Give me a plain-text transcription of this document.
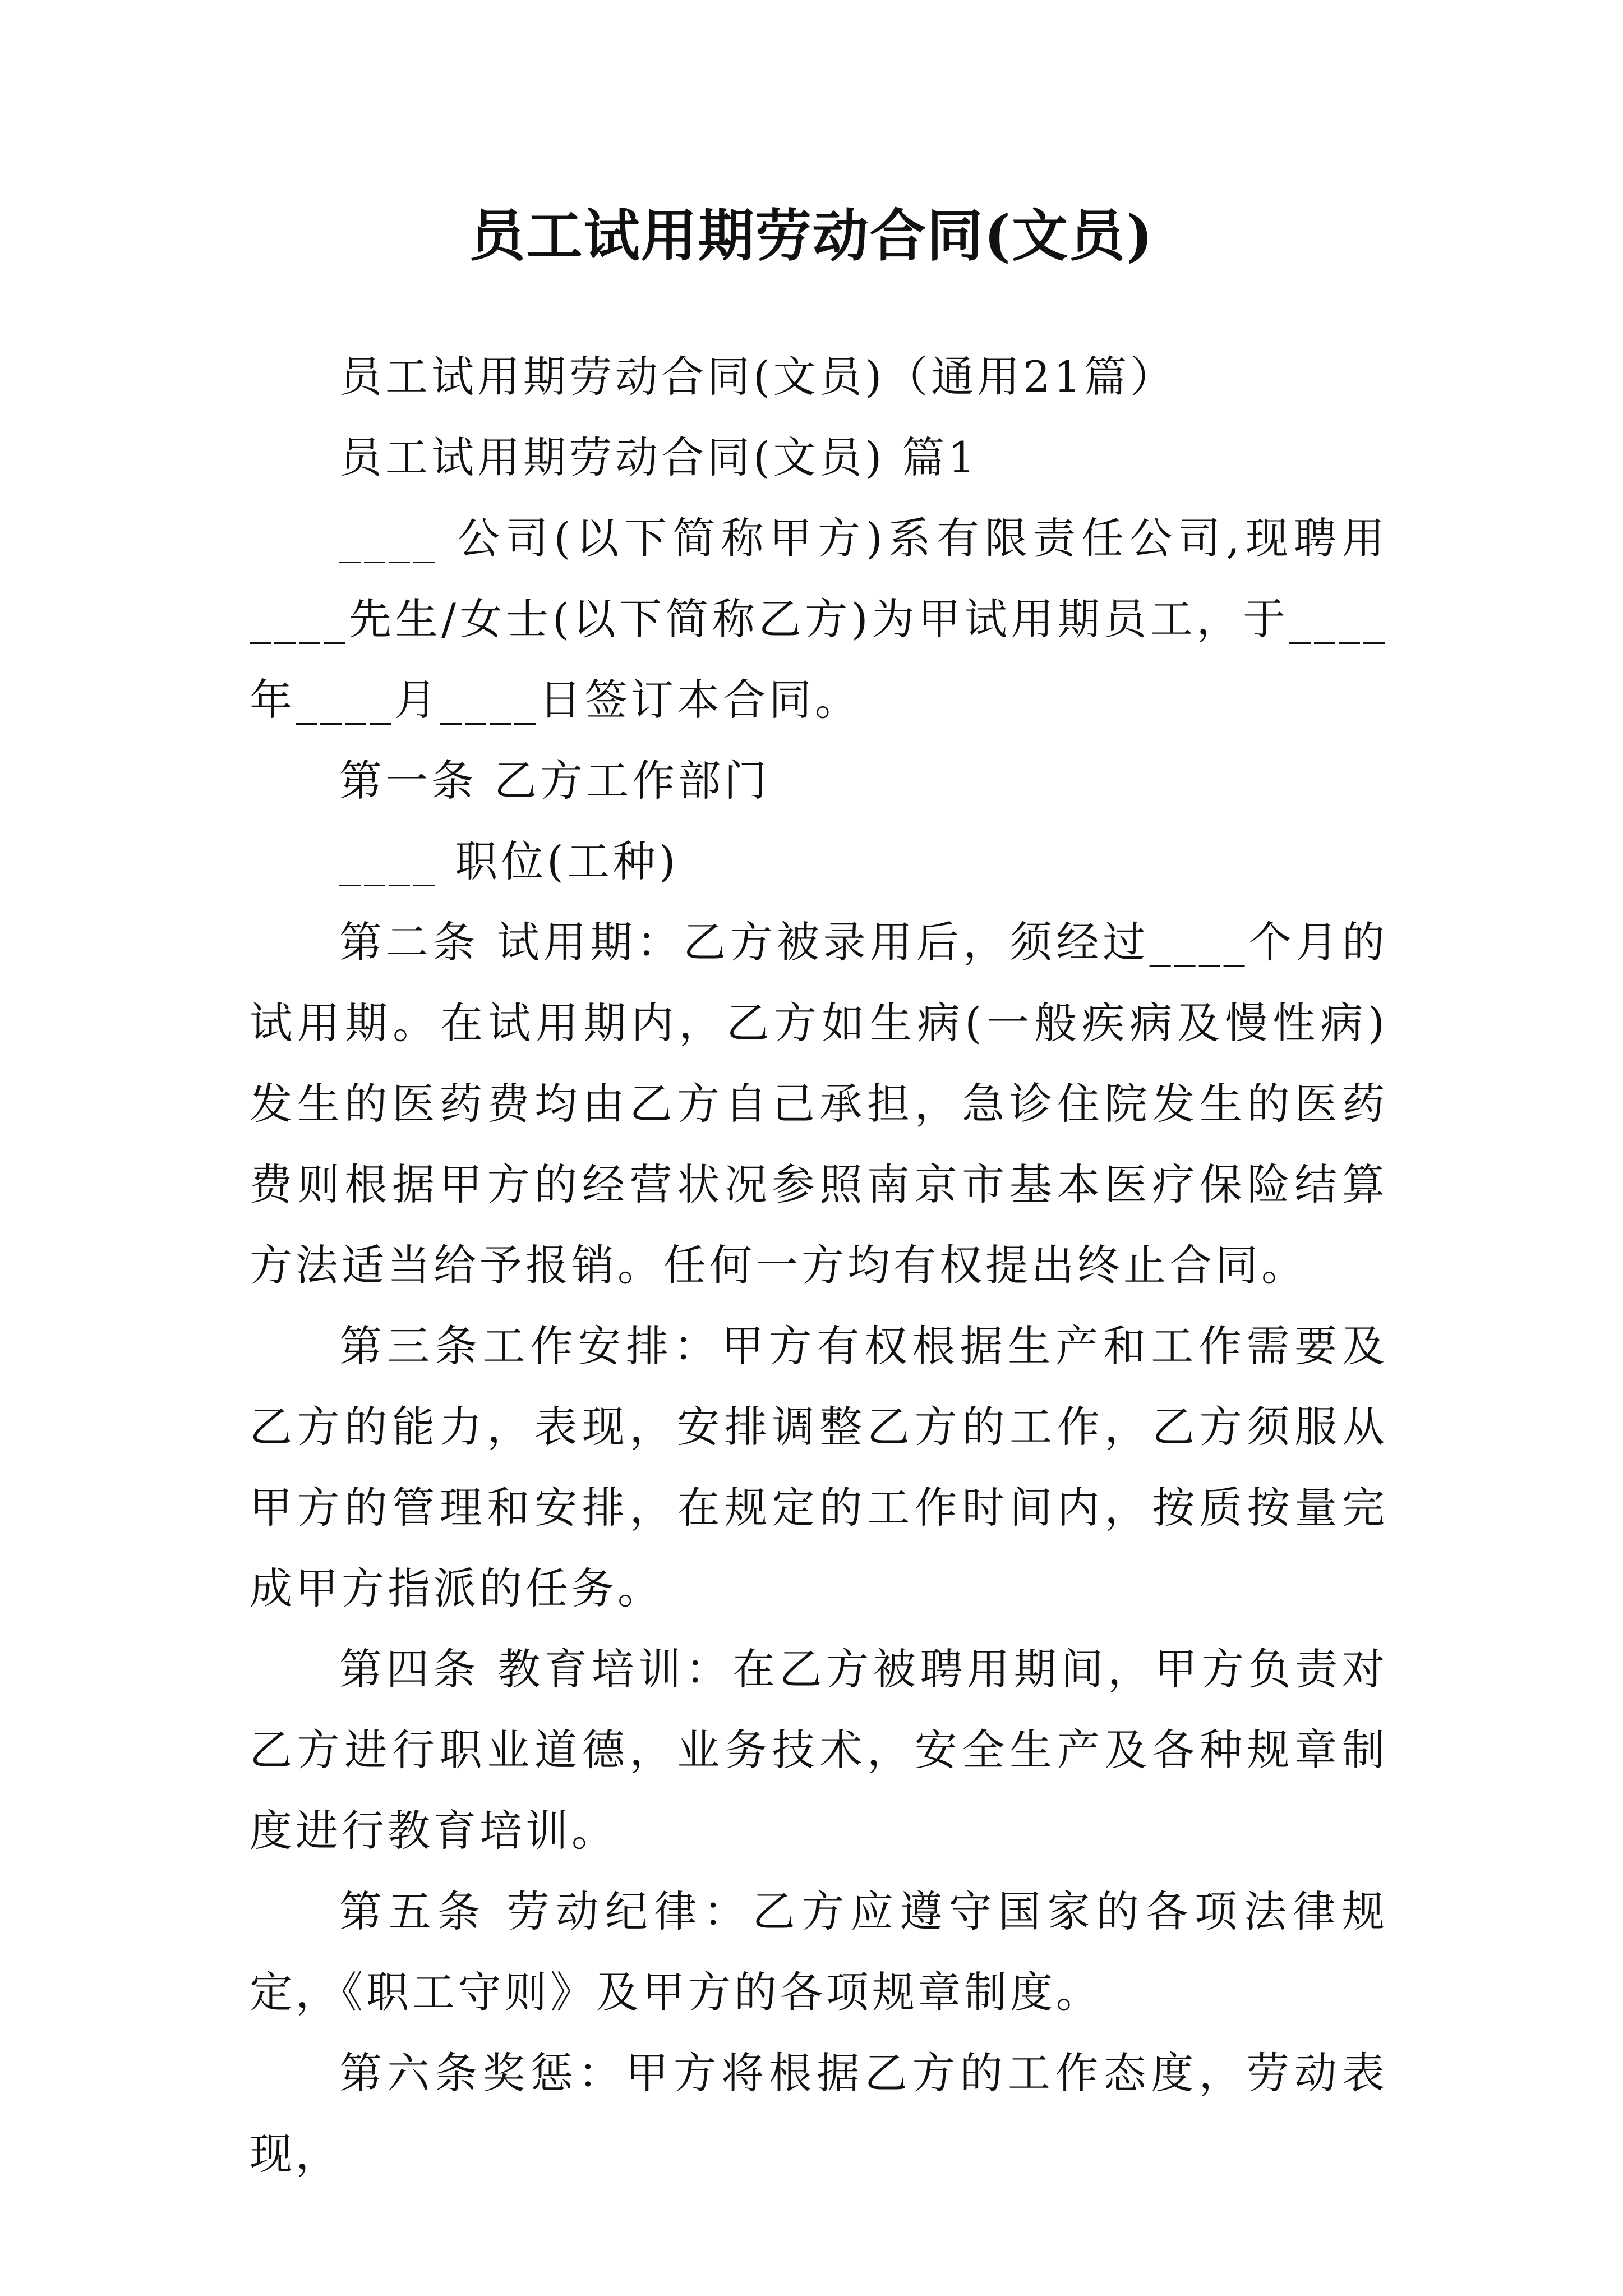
员工试用期劳动合同(文员)

员工试用期劳动合同(文员)（通用21篇）

员工试用期劳动合同(文员) 篇1

____ 公司(以下简称甲方)系有限责任公司,现聘用____先生/女士(以下简称乙方)为甲试用期员工，于____ 年____月____日签订本合同。

第一条 乙方工作部门

____ 职位(工种)

第二条 试用期：乙方被录用后，须经过____个月的试用期。在试用期内，乙方如生病(一般疾病及慢性病)发生的医药费均由乙方自己承担，急诊住院发生的医药费则根据甲方的经营状况参照南京市基本医疗保险结算方法适当给予报销。任何一方均有权提出终止合同。

第三条工作安排：甲方有权根据生产和工作需要及乙方的能力，表现，安排调整乙方的工作，乙方须服从甲方的管理和安排，在规定的工作时间内，按质按量完成甲方指派的任务。

第四条 教育培训：在乙方被聘用期间，甲方负责对乙方进行职业道德，业务技术，安全生产及各种规章制度进行教育培训。

第五条 劳动纪律：乙方应遵守国家的各项法律规定，《职工守则》及甲方的各项规章制度。

第六条奖惩：甲方将根据乙方的工作态度，劳动表现，
